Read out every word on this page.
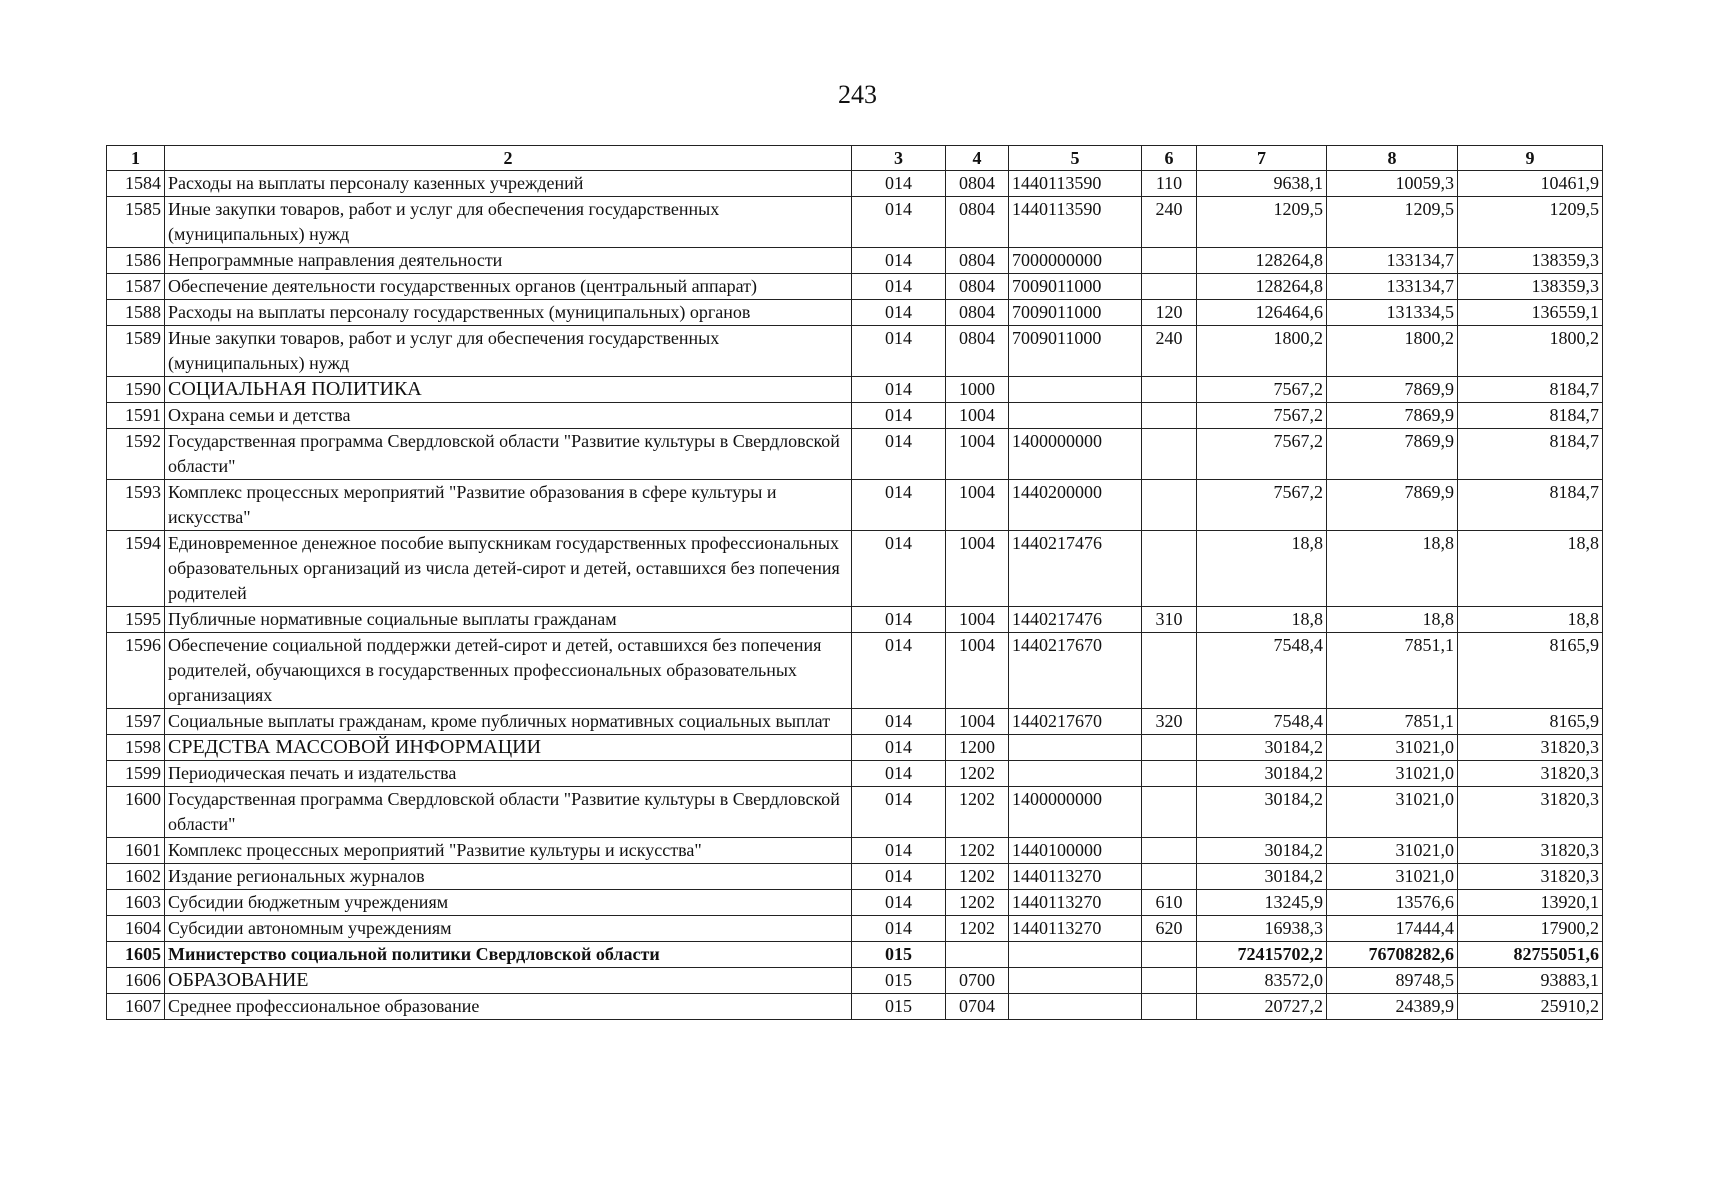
243
1	2	3	4	5	6	7	8	9
1584	Расходы на выплаты персоналу казенных учреждений	014	0804	1440113590	110	9638,1	10059,3	10461,9
1585	Иные закупки товаров, работ и услуг для обеспечения государственных (муниципальных) нужд	014	0804	1440113590	240	1209,5	1209,5	1209,5
1586	Непрограммные направления деятельности	014	0804	7000000000		128264,8	133134,7	138359,3
1587	Обеспечение деятельности государственных органов (центральный аппарат)	014	0804	7009011000		128264,8	133134,7	138359,3
1588	Расходы на выплаты персоналу государственных (муниципальных) органов	014	0804	7009011000	120	126464,6	131334,5	136559,1
1589	Иные закупки товаров, работ и услуг для обеспечения государственных (муниципальных) нужд	014	0804	7009011000	240	1800,2	1800,2	1800,2
1590	СОЦИАЛЬНАЯ ПОЛИТИКА	014	1000			7567,2	7869,9	8184,7
1591	Охрана семьи и детства	014	1004			7567,2	7869,9	8184,7
1592	Государственная программа Свердловской области "Развитие культуры в Свердловской области"	014	1004	1400000000		7567,2	7869,9	8184,7
1593	Комплекс процессных мероприятий "Развитие образования в сфере культуры и искусства"	014	1004	1440200000		7567,2	7869,9	8184,7
1594	Единовременное денежное пособие выпускникам государственных профессиональных образовательных организаций из числа детей-сирот и детей, оставшихся без попечения родителей	014	1004	1440217476		18,8	18,8	18,8
1595	Публичные нормативные социальные выплаты гражданам	014	1004	1440217476	310	18,8	18,8	18,8
1596	Обеспечение социальной поддержки детей-сирот и детей, оставшихся без попечения родителей, обучающихся в государственных профессиональных образовательных организациях	014	1004	1440217670		7548,4	7851,1	8165,9
1597	Социальные выплаты гражданам, кроме публичных нормативных социальных выплат	014	1004	1440217670	320	7548,4	7851,1	8165,9
1598	СРЕДСТВА МАССОВОЙ ИНФОРМАЦИИ	014	1200			30184,2	31021,0	31820,3
1599	Периодическая печать и издательства	014	1202			30184,2	31021,0	31820,3
1600	Государственная программа Свердловской области "Развитие культуры в Свердловской области"	014	1202	1400000000		30184,2	31021,0	31820,3
1601	Комплекс процессных мероприятий "Развитие культуры и искусства"	014	1202	1440100000		30184,2	31021,0	31820,3
1602	Издание региональных журналов	014	1202	1440113270		30184,2	31021,0	31820,3
1603	Субсидии бюджетным учреждениям	014	1202	1440113270	610	13245,9	13576,6	13920,1
1604	Субсидии автономным учреждениям	014	1202	1440113270	620	16938,3	17444,4	17900,2
1605	Министерство социальной политики Свердловской области	015				72415702,2	76708282,6	82755051,6
1606	ОБРАЗОВАНИЕ	015	0700			83572,0	89748,5	93883,1
1607	Среднее профессиональное образование	015	0704			20727,2	24389,9	25910,2
